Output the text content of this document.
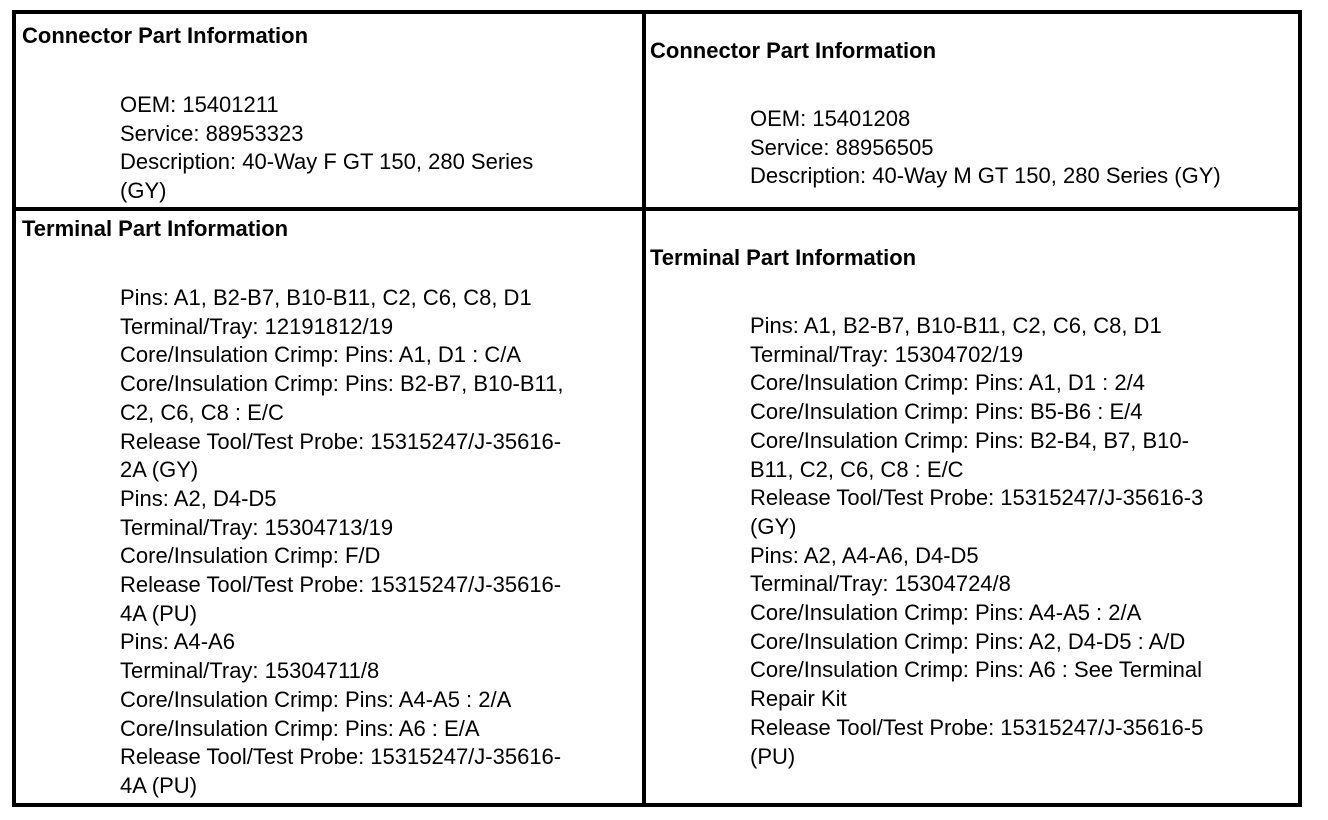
Connector Part Information
OEM: 15401211
Service: 88953323
Description: 40-Way F GT 150, 280 Series
(GY)
Connector Part Information
OEM: 15401208
Service: 88956505
Description: 40-Way M GT 150, 280 Series (GY)
Terminal Part Information
Pins: A1, B2-B7, B10-B11, C2, C6, C8, D1
Terminal/Tray: 12191812/19
Core/Insulation Crimp: Pins: A1, D1 : C/A
Core/Insulation Crimp: Pins: B2-B7, B10-B11,
C2, C6, C8 : E/C
Release Tool/Test Probe: 15315247/J-35616-
2A (GY)
Pins: A2, D4-D5
Terminal/Tray: 15304713/19
Core/Insulation Crimp: F/D
Release Tool/Test Probe: 15315247/J-35616-
4A (PU)
Pins: A4-A6
Terminal/Tray: 15304711/8
Core/Insulation Crimp: Pins: A4-A5 : 2/A
Core/Insulation Crimp: Pins: A6 : E/A
Release Tool/Test Probe: 15315247/J-35616-
4A (PU)
Terminal Part Information
Pins: A1, B2-B7, B10-B11, C2, C6, C8, D1
Terminal/Tray: 15304702/19
Core/Insulation Crimp: Pins: A1, D1 : 2/4
Core/Insulation Crimp: Pins: B5-B6 : E/4
Core/Insulation Crimp: Pins: B2-B4, B7, B10-
B11, C2, C6, C8 : E/C
Release Tool/Test Probe: 15315247/J-35616-3
(GY)
Pins: A2, A4-A6, D4-D5
Terminal/Tray: 15304724/8
Core/Insulation Crimp: Pins: A4-A5 : 2/A
Core/Insulation Crimp: Pins: A2, D4-D5 : A/D
Core/Insulation Crimp: Pins: A6 : See Terminal
Repair Kit
Release Tool/Test Probe: 15315247/J-35616-5
(PU)
